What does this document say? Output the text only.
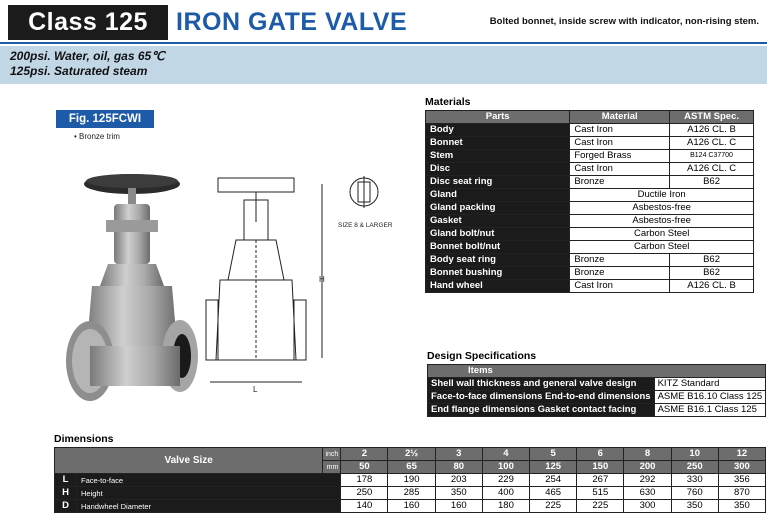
Class 125	IRON GATE VALVE	Bolted bonnet, inside screw with indicator, non-rising stem.
200psi. Water, oil, gas 65℃
125psi. Saturated steam
Fig. 125FCWI
• Bronze trim
H
L
SIZE 8 & LARGER
Materials
Parts	Material	ASTM Spec.
Body	Cast Iron	A126 CL. B
Bonnet	Cast Iron	A126 CL. C
Stem	Forged Brass	B124 C37700
Disc	Cast Iron	A126 CL. C
Disc seat ring	Bronze	B62
Gland	Ductile Iron	
Gland packing	Asbestos-free	
Gasket	Asbestos-free	
Gland bolt/nut	Carbon Steel	
Bonnet bolt/nut	Carbon Steel	
Body seat ring	Bronze	B62
Bonnet bushing	Bronze	B62
Hand wheel	Cast Iron	A126 CL. B
Design Specifications
Items	
Shell wall thickness and general valve design	KITZ Standard
Face-to-face dimensions End-to-end dimensions	ASME B16.10 Class 125
End flange dimensions Gasket contact facing	ASME B16.1 Class 125
Dimensions
Valve Size		inch	2	2½	3	4	5	6	8	10	12
		mm	50	65	80	100	125	150	200	250	300
L	Face-to-face		178	190	203	229	254	267	292	330	356
H	Height		250	285	350	400	465	515	630	760	870
D	Handwheel Diameter		140	160	160	180	225	225	300	350	350
